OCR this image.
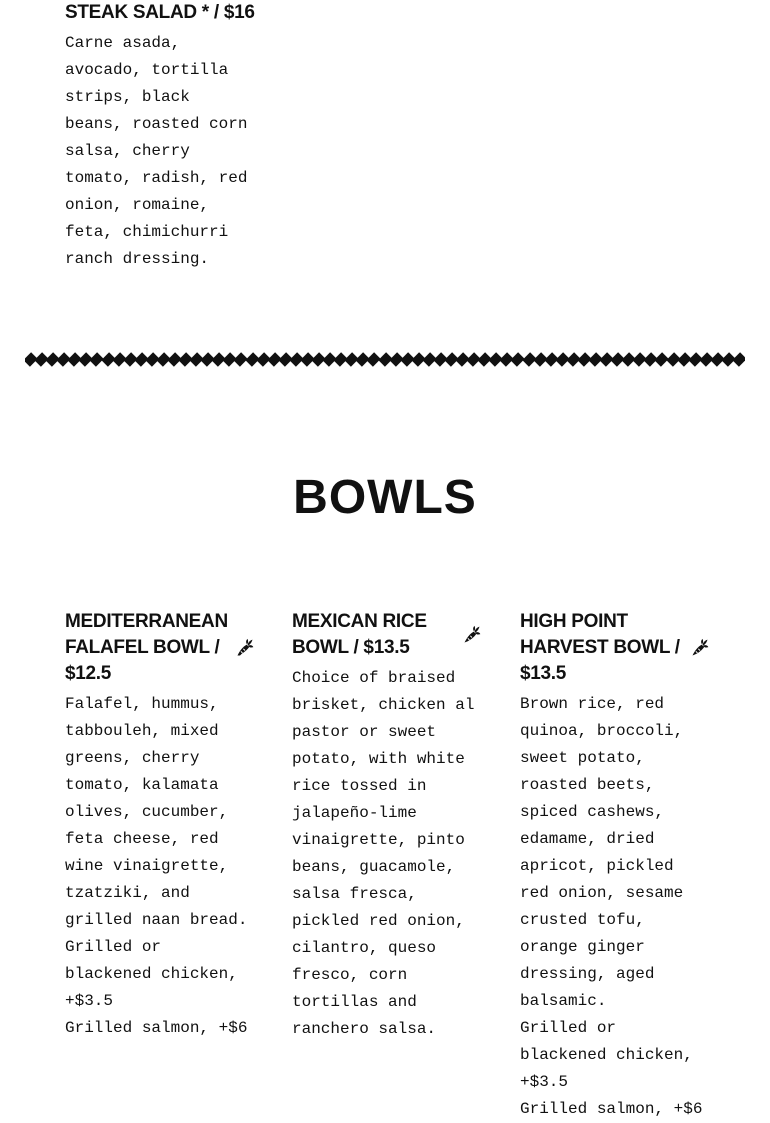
STEAK SALAD * / $16

Carne asada, avocado, tortilla strips, black beans, roasted corn salsa, cherry tomato, radish, red onion, romaine, feta, chimichurri ranch dressing.

BOWLS
MEDITERRANEAN FALAFEL BOWL / $12.5

Falafel, hummus, tabbouleh, mixed greens, cherry tomato, kalamata olives, cucumber, feta cheese, red wine vinaigrette, tzatziki, and grilled naan bread.

Grilled or blackened chicken, +$3.5

Grilled salmon, +$6

MEXICAN RICE BOWL / $13.5

Choice of braised brisket, chicken al pastor or sweet potato, with white rice tossed in jalapeño-lime vinaigrette, pinto beans, guacamole, salsa fresca, pickled red onion, cilantro, queso fresco, corn tortillas and ranchero salsa.

HIGH POINT HARVEST BOWL / $13.5

Brown rice, red quinoa, broccoli, sweet potato, roasted beets, spiced cashews, edamame, dried apricot, pickled red onion, sesame crusted tofu, orange ginger dressing, aged balsamic.

Grilled or blackened chicken, +$3.5

Grilled salmon, +$6
